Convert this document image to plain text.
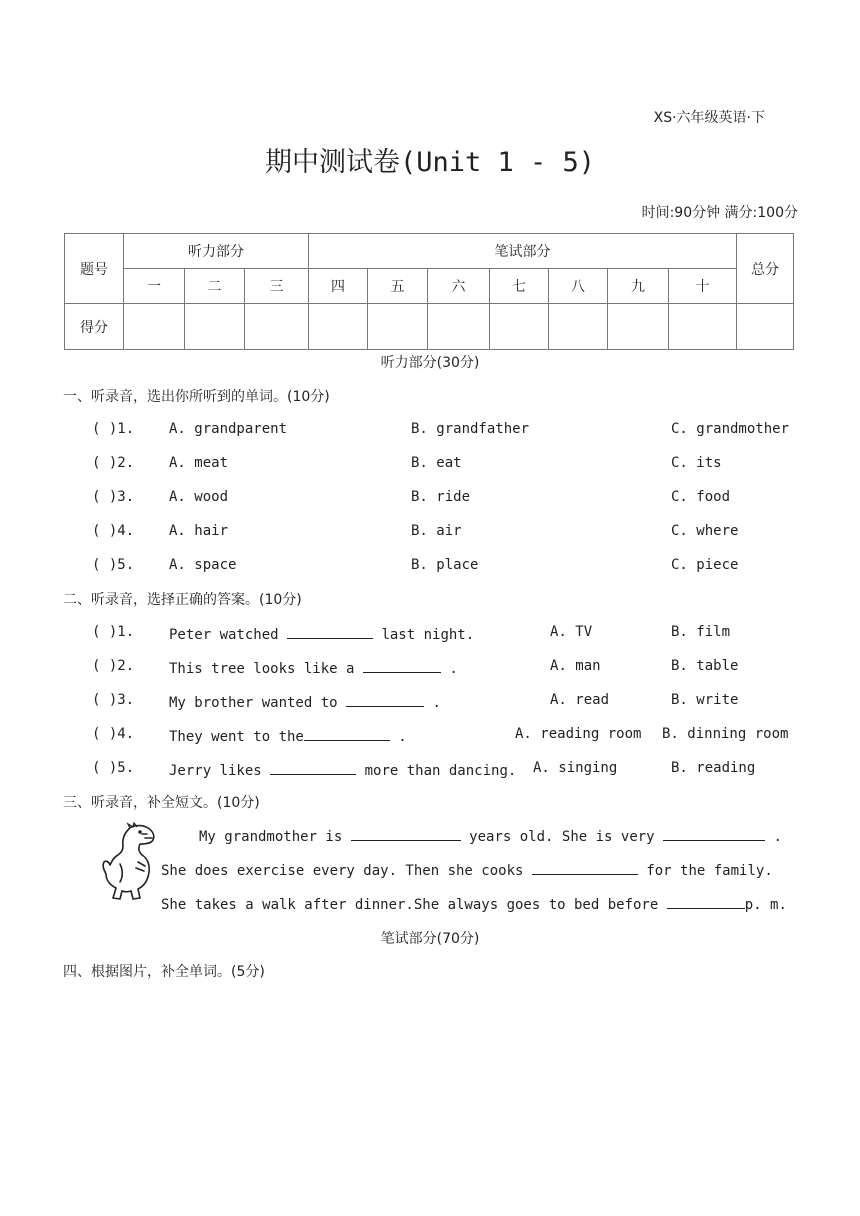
XS·六年级英语·下
期中测试卷(Unit 1 - 5)
时间:90分钟 满分:100分
题号	听力部分			笔试部分							总分
	一	二	三	四	五	六	七	八	九	十	
得分											
听力部分(30分)
一、听录音，选出你所听到的单词。(10分)
( )1. A. grandparent	B. grandfather	C. grandmother
( )2. A. meat	B. eat	C. its
( )3. A. wood	B. ride	C. food
( )4. A. hair	B. air	C. where
( )5. A. space	B. place	C. piece
二、听录音，选择正确的答案。(10分)
( )1. Peter watched	last night.	A. TV	B. film
( )2. This tree looks like a	.	A. man	B. table
( )3. My brother wanted to	.	A. read	B. write
( )4. They went to the	.	A. reading room B. dinning room
( )5. Jerry likes	more than dancing. A. singing	B. reading
三、听录音，补全短文。(10分)
My grandmother is	years old. She is very	.
She does exercise every day. Then she cooks	for the family.
She takes a walk after dinner.She always goes to bed before	p. m.
笔试部分(70分)
四、根据图片，补全单词。(5分)
